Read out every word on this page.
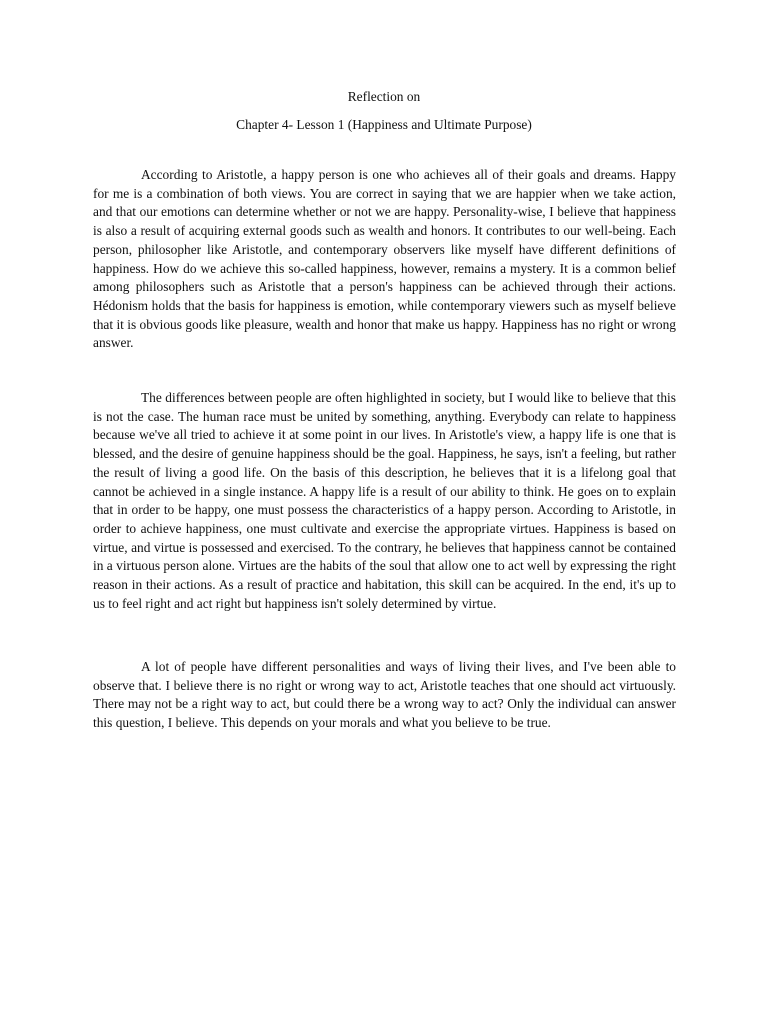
Reflection on
Chapter 4- Lesson 1 (Happiness and Ultimate Purpose)

According to Aristotle, a happy person is one who achieves all of their goals and dreams. Happy for me is a combination of both views. You are correct in saying that we are happier when we take action, and that our emotions can determine whether or not we are happy. Personality-wise, I believe that happiness is also a result of acquiring external goods such as wealth and honors. It contributes to our well-being. Each person, philosopher like Aristotle, and contemporary observers like myself have different definitions of happiness. How do we achieve this so-called happiness, however, remains a mystery. It is a common belief among philosophers such as Aristotle that a person's happiness can be achieved through their actions. Hédonism holds that the basis for happiness is emotion, while contemporary viewers such as myself believe that it is obvious goods like pleasure, wealth and honor that make us happy. Happiness has no right or wrong answer.

The differences between people are often highlighted in society, but I would like to believe that this is not the case. The human race must be united by something, anything. Everybody can relate to happiness because we've all tried to achieve it at some point in our lives. In Aristotle's view, a happy life is one that is blessed, and the desire of genuine happiness should be the goal. Happiness, he says, isn't a feeling, but rather the result of living a good life. On the basis of this description, he believes that it is a lifelong goal that cannot be achieved in a single instance. A happy life is a result of our ability to think. He goes on to explain that in order to be happy, one must possess the characteristics of a happy person. According to Aristotle, in order to achieve happiness, one must cultivate and exercise the appropriate virtues. Happiness is based on virtue, and virtue is possessed and exercised. To the contrary, he believes that happiness cannot be contained in a virtuous person alone. Virtues are the habits of the soul that allow one to act well by expressing the right reason in their actions. As a result of practice and habitation, this skill can be acquired. In the end, it's up to us to feel right and act right but happiness isn't solely determined by virtue.

A lot of people have different personalities and ways of living their lives, and I've been able to observe that. I believe there is no right or wrong way to act, Aristotle teaches that one should act virtuously. There may not be a right way to act, but could there be a wrong way to act? Only the individual can answer this question, I believe. This depends on your morals and what you believe to be true.
